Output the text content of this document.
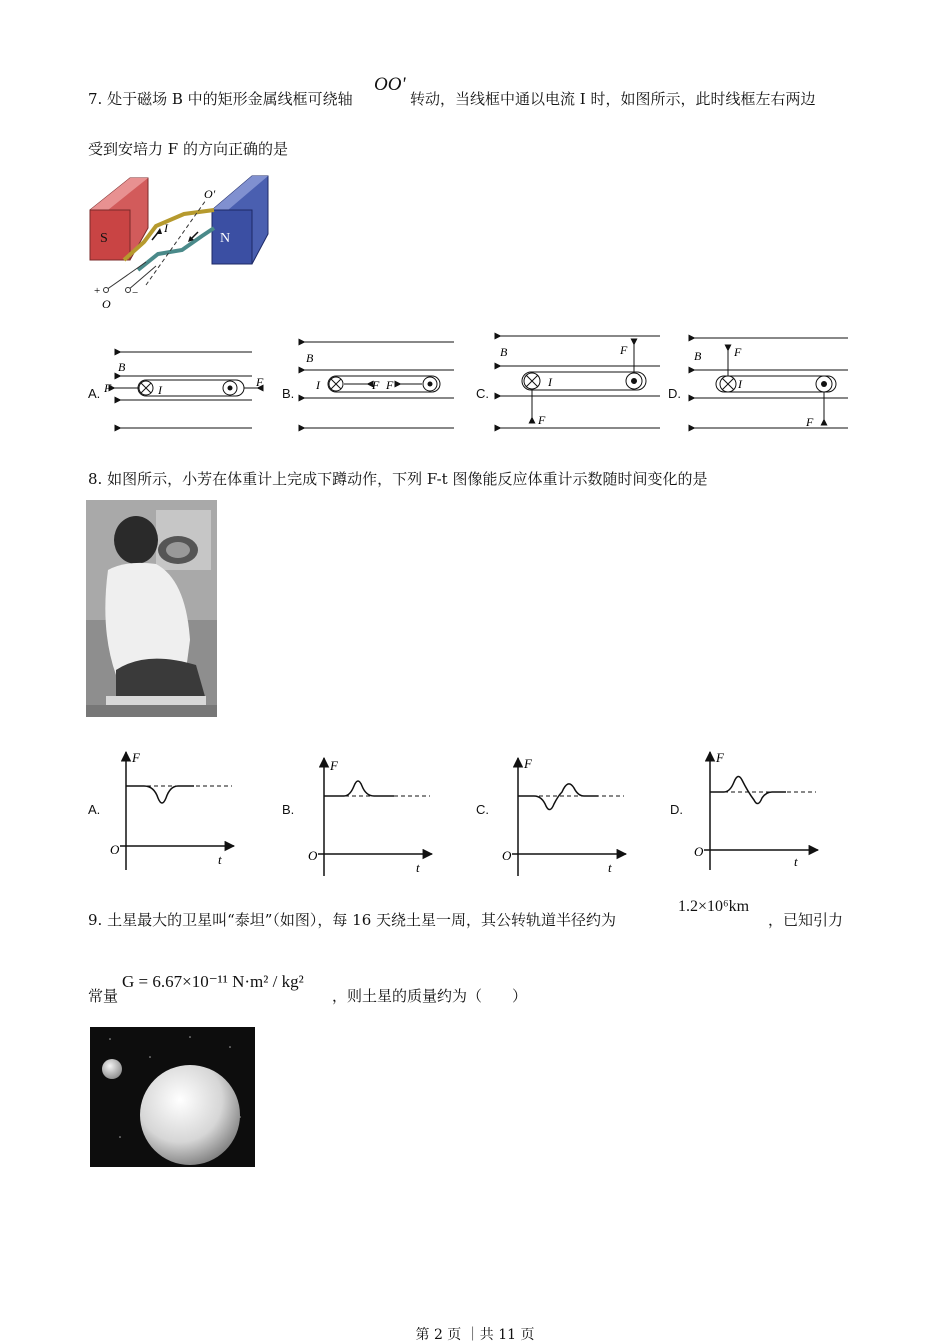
7. 处于磁场 B 中的矩形金属线框可绕轴
OO'
转动，当线框中通以电流 I 时，如图所示，此时线框左右两边
受到安培力 F 的方向正确的是
S	N
+	−
O
O'
I
A.
B
I
F	F
B.
B
I	F F
C.
B
I
F
F
D.
B
I
F
F
8. 如图所示，小芳在体重计上完成下蹲动作，下列 F-t 图像能反应体重计示数随时间变化的是
A.
F
t
O
B.
F
t
O
C.
F
t
O
D.
F
t
O
9. 土星最大的卫星叫“泰坦”（如图），每 16 天绕土星一周，其公转轨道半径约为
1.2×10⁶km
，已知引力
常量
G = 6.67×10⁻¹¹ N·m² / kg²
，则土星的质量约为（　　）
第 2 页 ｜共 11 页
